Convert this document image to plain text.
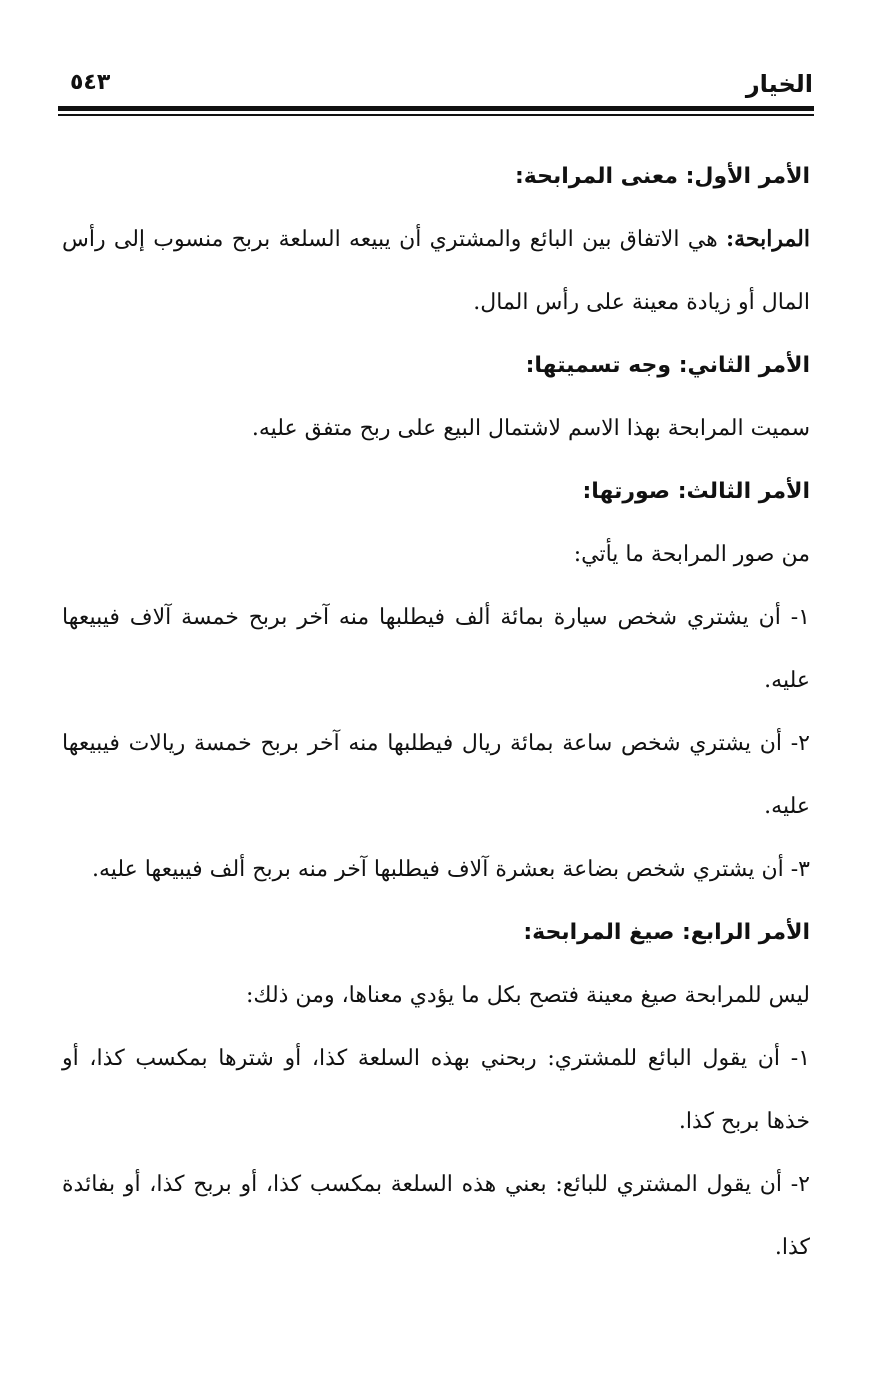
الخيار
٥٤٣

الأمر الأول: معنى المرابحة:

المرابحة: هي الاتفاق بين البائع والمشتري أن يبيعه السلعة بربح منسوب إلى رأس المال أو زيادة معينة على رأس المال.

الأمر الثاني: وجه تسميتها:

سميت المرابحة بهذا الاسم لاشتمال البيع على ربح متفق عليه.

الأمر الثالث: صورتها:

من صور المرابحة ما يأتي:

١- أن يشتري شخص سيارة بمائة ألف فيطلبها منه آخر بربح خمسة آلاف فيبيعها عليه.

٢- أن يشتري شخص ساعة بمائة ريال فيطلبها منه آخر بربح خمسة ريالات فيبيعها عليه.

٣- أن يشتري شخص بضاعة بعشرة آلاف فيطلبها آخر منه بربح ألف فيبيعها عليه.

الأمر الرابع: صيغ المرابحة:

ليس للمرابحة صيغ معينة فتصح بكل ما يؤدي معناها، ومن ذلك:

١- أن يقول البائع للمشتري: ربحني بهذه السلعة كذا، أو شترها بمكسب كذا، أو خذها بربح كذا.

٢- أن يقول المشتري للبائع: بعني هذه السلعة بمكسب كذا، أو بربح كذا، أو بفائدة كذا.
